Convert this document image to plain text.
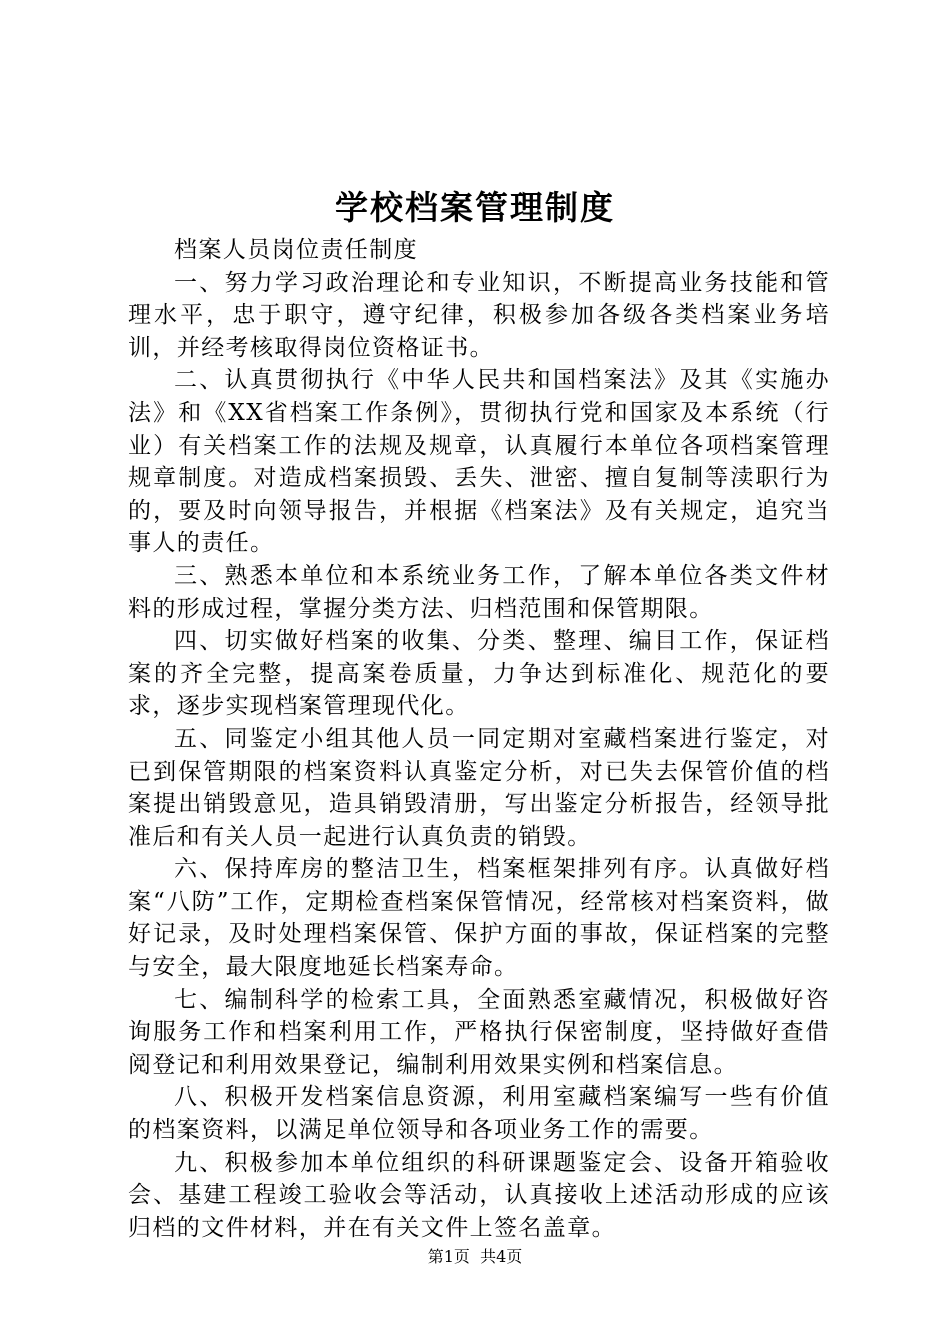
学校档案管理制度

档案人员岗位责任制度

一、努力学习政治理论和专业知识，不断提高业务技能和管理水平，忠于职守，遵守纪律，积极参加各级各类档案业务培训，并经考核取得岗位资格证书。

二、认真贯彻执行《中华人民共和国档案法》及其《实施办法》和《XX省档案工作条例》，贯彻执行党和国家及本系统（行业）有关档案工作的法规及规章，认真履行本单位各项档案管理规章制度。对造成档案损毁、丢失、泄密、擅自复制等渎职行为的，要及时向领导报告，并根据《档案法》及有关规定，追究当事人的责任。

三、熟悉本单位和本系统业务工作，了解本单位各类文件材料的形成过程，掌握分类方法、归档范围和保管期限。

四、切实做好档案的收集、分类、整理、编目工作，保证档案的齐全完整，提高案卷质量，力争达到标准化、规范化的要求，逐步实现档案管理现代化。

五、同鉴定小组其他人员一同定期对室藏档案进行鉴定，对已到保管期限的档案资料认真鉴定分析，对已失去保管价值的档案提出销毁意见，造具销毁清册，写出鉴定分析报告，经领导批准后和有关人员一起进行认真负责的销毁。

六、保持库房的整洁卫生，档案框架排列有序。认真做好档案“八防”工作，定期检查档案保管情况，经常核对档案资料，做好记录，及时处理档案保管、保护方面的事故，保证档案的完整与安全，最大限度地延长档案寿命。

七、编制科学的检索工具，全面熟悉室藏情况，积极做好咨询服务工作和档案利用工作，严格执行保密制度，坚持做好查借阅登记和利用效果登记，编制利用效果实例和档案信息。

八、积极开发档案信息资源，利用室藏档案编写一些有价值的档案资料，以满足单位领导和各项业务工作的需要。

九、积极参加本单位组织的科研课题鉴定会、设备开箱验收会、基建工程竣工验收会等活动，认真接收上述活动形成的应该归档的文件材料，并在有关文件上签名盖章。

第1页 共4页
